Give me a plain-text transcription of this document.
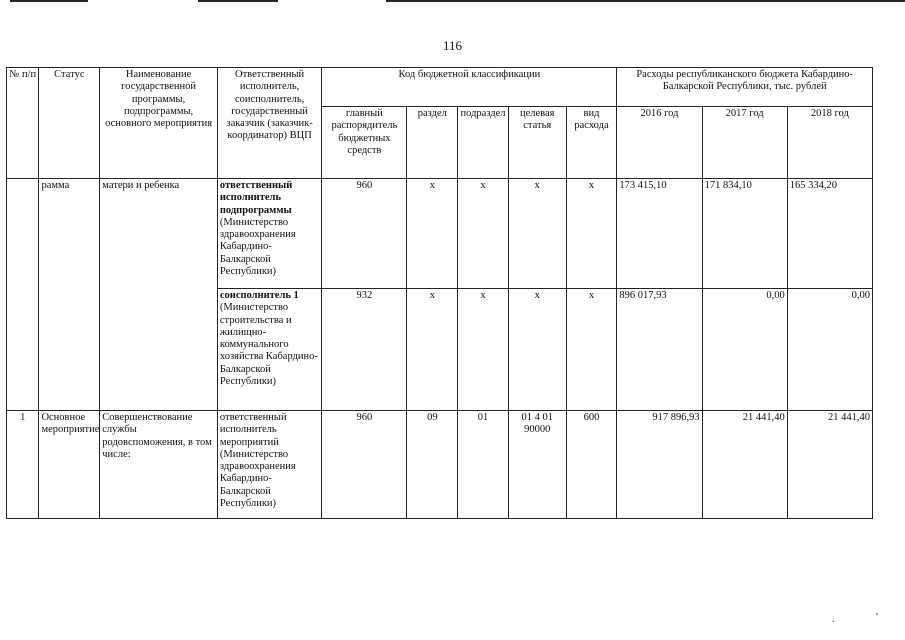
116
№ п/п	Статус	Наименование государственной программы, подпрограммы, основного мероприятия	Ответственный исполнитель, соисполнитель, государственный заказчик (заказчик-координатор) ВЦП	Код бюджетной классификации					Расходы республиканского бюджета Кабардино-Балкарской Республики, тыс. рублей		
				главный распорядитель бюджетных средств	раздел	подраздел	целевая статья	вид расхода	2016 год	2017 год	2018 год
	рамма	матери и ребенка	ответственный исполнитель подпрограммы (Министерство здравоохранения Кабардино-Балкарской Республики)	960	x	x	x	x	173 415,10	171 834,10	165 334,20
			соисполнитель 1 (Министерство строительства и жилищно-коммунального хозяйства Кабардино-Балкарской Республики)	932	x	x	x	x	896 017,93	0,00	0,00
1	Основное мероприятие	Совершенствование службы родовспоможения, в том числе:	ответственный исполнитель мероприятий (Министерство здравоохранения Кабардино-Балкарской Республики)	960	09	01	01 4 01 90000	600	917 896,93	21 441,40	21 441,40
.	'
